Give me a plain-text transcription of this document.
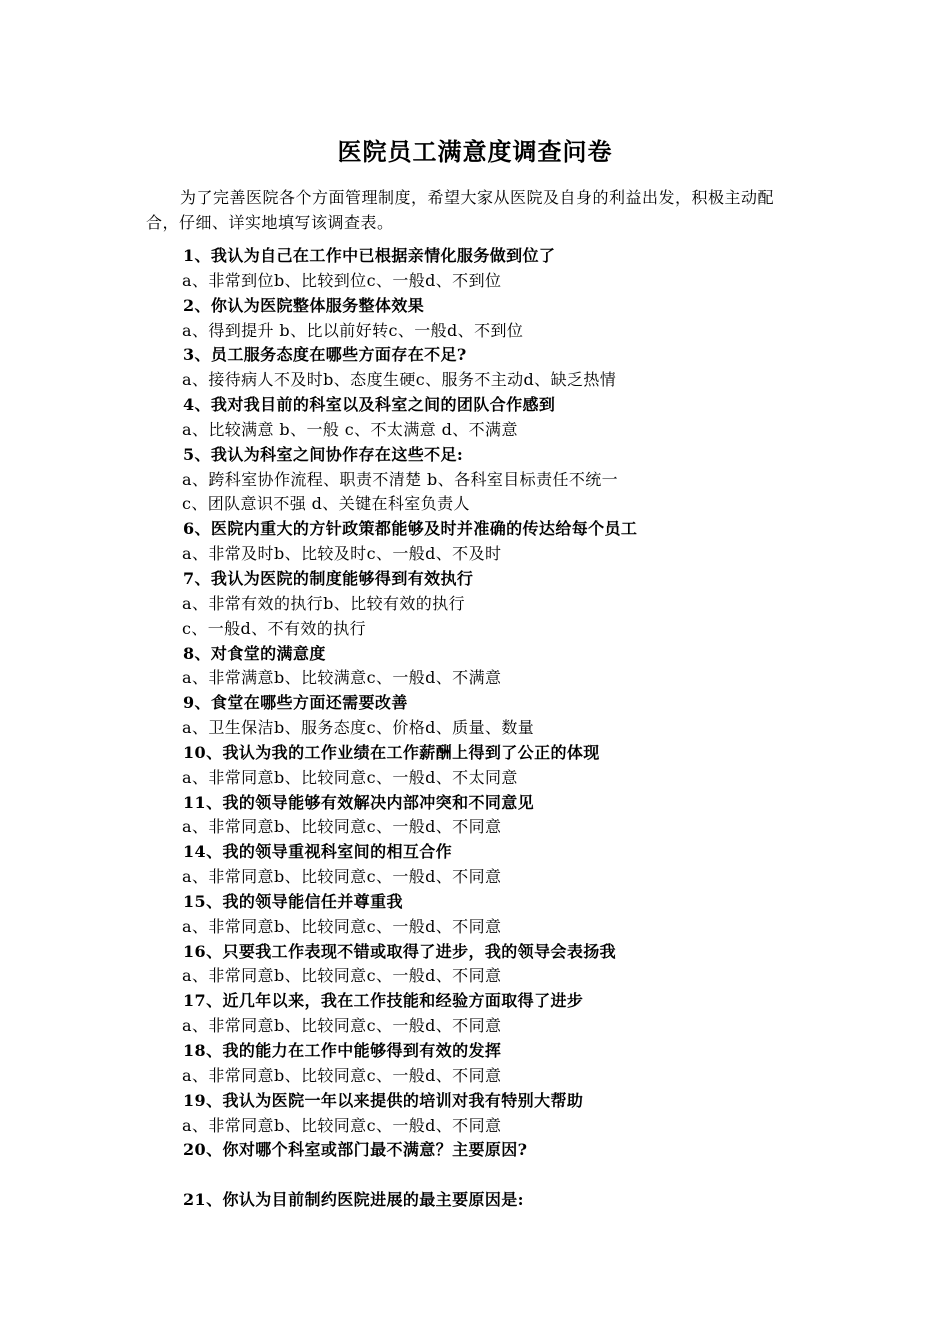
医院员工满意度调查问卷
为了完善医院各个方面管理制度，希望大家从医院及自身的利益出发，积极主动配合，仔细、详实地填写该调查表。
1、我认为自己在工作中已根据亲情化服务做到位了
a、非常到位b、比较到位c、一般d、不到位
2、你认为医院整体服务整体效果
a、得到提升 b、比以前好转c、一般d、不到位
3、员工服务态度在哪些方面存在不足?
a、接待病人不及时b、态度生硬c、服务不主动d、缺乏热情
4、我对我目前的科室以及科室之间的团队合作感到
a、比较满意 b、一般 c、不太满意 d、不满意
5、我认为科室之间协作存在这些不足:
a、跨科室协作流程、职责不清楚 b、各科室目标责任不统一
c、团队意识不强 d、关键在科室负责人
6、医院内重大的方针政策都能够及时并准确的传达给每个员工
a、非常及时b、比较及时c、一般d、不及时
7、我认为医院的制度能够得到有效执行
a、非常有效的执行b、比较有效的执行
c、一般d、不有效的执行
8、对食堂的满意度
a、非常满意b、比较满意c、一般d、不满意
9、食堂在哪些方面还需要改善
a、卫生保洁b、服务态度c、价格d、质量、数量
10、我认为我的工作业绩在工作薪酬上得到了公正的体现
a、非常同意b、比较同意c、一般d、不太同意
11、我的领导能够有效解决内部冲突和不同意见
a、非常同意b、比较同意c、一般d、不同意
14、我的领导重视科室间的相互合作
a、非常同意b、比较同意c、一般d、不同意
15、我的领导能信任并尊重我
a、非常同意b、比较同意c、一般d、不同意
16、只要我工作表现不错或取得了进步，我的领导会表扬我
a、非常同意b、比较同意c、一般d、不同意
17、近几年以来，我在工作技能和经验方面取得了进步
a、非常同意b、比较同意c、一般d、不同意
18、我的能力在工作中能够得到有效的发挥
a、非常同意b、比较同意c、一般d、不同意
19、我认为医院一年以来提供的培训对我有特别大帮助
a、非常同意b、比较同意c、一般d、不同意
20、你对哪个科室或部门最不满意？主要原因?
21、你认为目前制约医院进展的最主要原因是:
